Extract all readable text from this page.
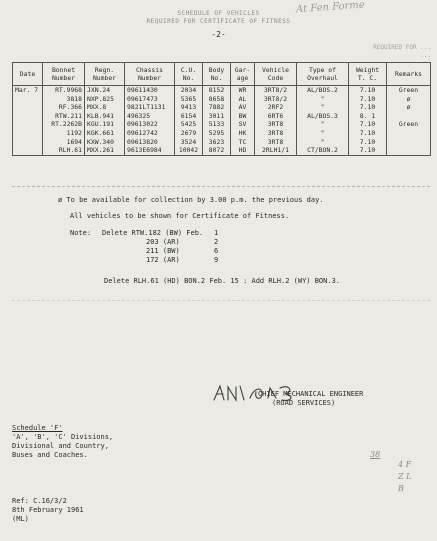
At Fen Forme
SCHEDULE OF VEHICLES
REQUIRED FOR CERTIFICATE OF FITNESS
-2-
REQUIRED FOR ...
...
Date	Bonnet Number	Regn. Number	Chassis Number	C.U. No.	Body No.	Gar-age	Vehicle Code	Type of Overhaul	Weight T. C.	Remarks
Mar. 7	RT.9968	JXN.24	09611430	2034	8152	WR	3RT8/2	AL/BOS.2	7.10	Green
	3818	NXP.825	09617473	5365	8658	AL	3RT8/2	"	7.10	ø
	RF.366	MXX.8	9821LT1131	9413	7882	AV	2RF2	"	7.10	ø
	RTW.211	KLB.941	496325	6154	3011	BW	6RT6	AL/BOS.3	8. 1	
	RT.2262B	KGU.191	09613022	5425	5133	SV	3RT8	"	7.10	Green
	1192	KGK.661	09612742	2679	5295	HK	3RT8	"	7.10	
	1694	KXW.340	09613820	3524	3623	TC	3RT8	"	7.10	
	RLH.61	MXX.261	9613E6984	10042	8072	HD	2RLH1/1	CT/BON.2	7.10	
ø To be available for collection by 3.00 p.m. the previous day.
All vehicles to be shown for Certificate of Fitness.
Note: Delete RTW.182 (BW) Feb. 1
203 (AR)	2
211 (BW)	6
172 (AR)	9
Delete RLH.61 (HD) BON.2 Feb. 15 : Add RLH.2 (WY) BON.3.
CHIEF MECHANICAL ENGINEER
(ROAD SERVICES)
Schedule 'F'
'A', 'B', 'C' Divisions,
Divisional and Country,
Buses and Coaches.
Ref: C.16/3/2
8th February 1961
(ML)
38
4 F
Z L
B
